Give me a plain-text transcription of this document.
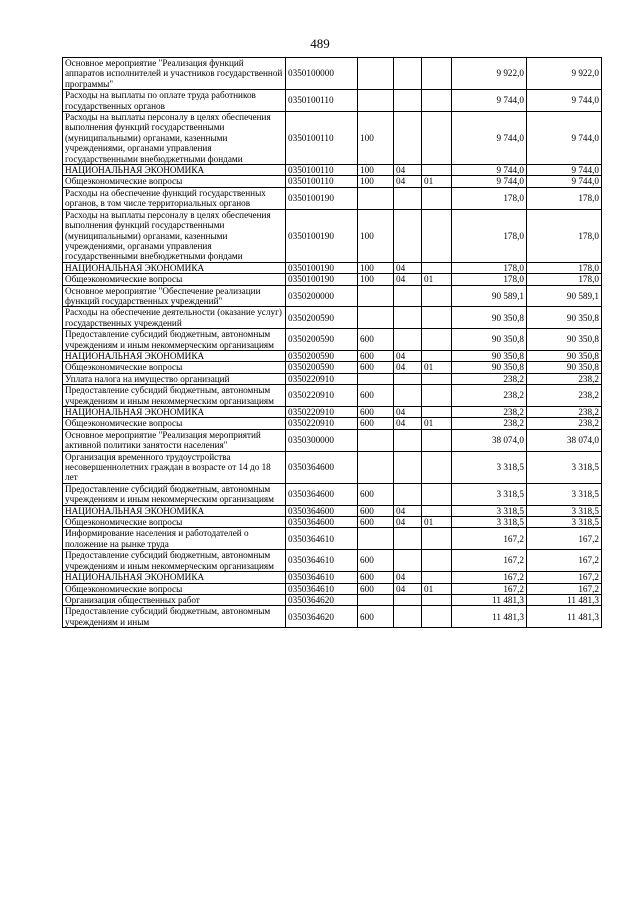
489
Основное мероприятие "Реализация функций аппаратов исполнителей и участников государственной программы"	0350100000				9 922,0	9 922,0
Расходы на выплаты по оплате труда работников государственных органов	0350100110				9 744,0	9 744,0
Расходы на выплаты персоналу в целях обеспечения выполнения функций государственными (муниципальными) органами, казенными учреждениями, органами управления государственными внебюджетными фондами	0350100110	100			9 744,0	9 744,0
НАЦИОНАЛЬНАЯ ЭКОНОМИКА	0350100110	100	04		9 744,0	9 744,0
Общеэкономические вопросы	0350100110	100	04	01	9 744,0	9 744,0
Расходы на обеспечение функций государственных органов, в том числе территориальных органов	0350100190				178,0	178,0
Расходы на выплаты персоналу в целях обеспечения выполнения функций государственными (муниципальными) органами, казенными учреждениями, органами управления государственными внебюджетными фондами	0350100190	100			178,0	178,0
НАЦИОНАЛЬНАЯ ЭКОНОМИКА	0350100190	100	04		178,0	178,0
Общеэкономические вопросы	0350100190	100	04	01	178,0	178,0
Основное мероприятие "Обеспечение реализации функций государственных учреждений"	0350200000				90 589,1	90 589,1
Расходы на обеспечение деятельности (оказание услуг) государственных учреждений	0350200590				90 350,8	90 350,8
Предоставление субсидий бюджетным, автономным учреждениям и иным некоммерческим организациям	0350200590	600			90 350,8	90 350,8
НАЦИОНАЛЬНАЯ ЭКОНОМИКА	0350200590	600	04		90 350,8	90 350,8
Общеэкономические вопросы	0350200590	600	04	01	90 350,8	90 350,8
Уплата налога на имущество организаций	0350220910				238,2	238,2
Предоставление субсидий бюджетным, автономным учреждениям и иным некоммерческим организациям	0350220910	600			238,2	238,2
НАЦИОНАЛЬНАЯ ЭКОНОМИКА	0350220910	600	04		238,2	238,2
Общеэкономические вопросы	0350220910	600	04	01	238,2	238,2
Основное мероприятие "Реализация мероприятий активной политики занятости населения"	0350300000				38 074,0	38 074,0
Организация временного трудоустройства несовершеннолетних граждан в возрасте от 14 до 18 лет	0350364600				3 318,5	3 318,5
Предоставление субсидий бюджетным, автономным учреждениям и иным некоммерческим организациям	0350364600	600			3 318,5	3 318,5
НАЦИОНАЛЬНАЯ ЭКОНОМИКА	0350364600	600	04		3 318,5	3 318,5
Общеэкономические вопросы	0350364600	600	04	01	3 318,5	3 318,5
Информирование населения и работодателей о положение на рынке труда	0350364610				167,2	167,2
Предоставление субсидий бюджетным, автономным учреждениям и иным некоммерческим организациям	0350364610	600			167,2	167,2
НАЦИОНАЛЬНАЯ ЭКОНОМИКА	0350364610	600	04		167,2	167,2
Общеэкономические вопросы	0350364610	600	04	01	167,2	167,2
Организация общественных работ	0350364620				11 481,3	11 481,3
Предоставление субсидий бюджетным, автономным учреждениям и иным	0350364620	600			11 481,3	11 481,3
